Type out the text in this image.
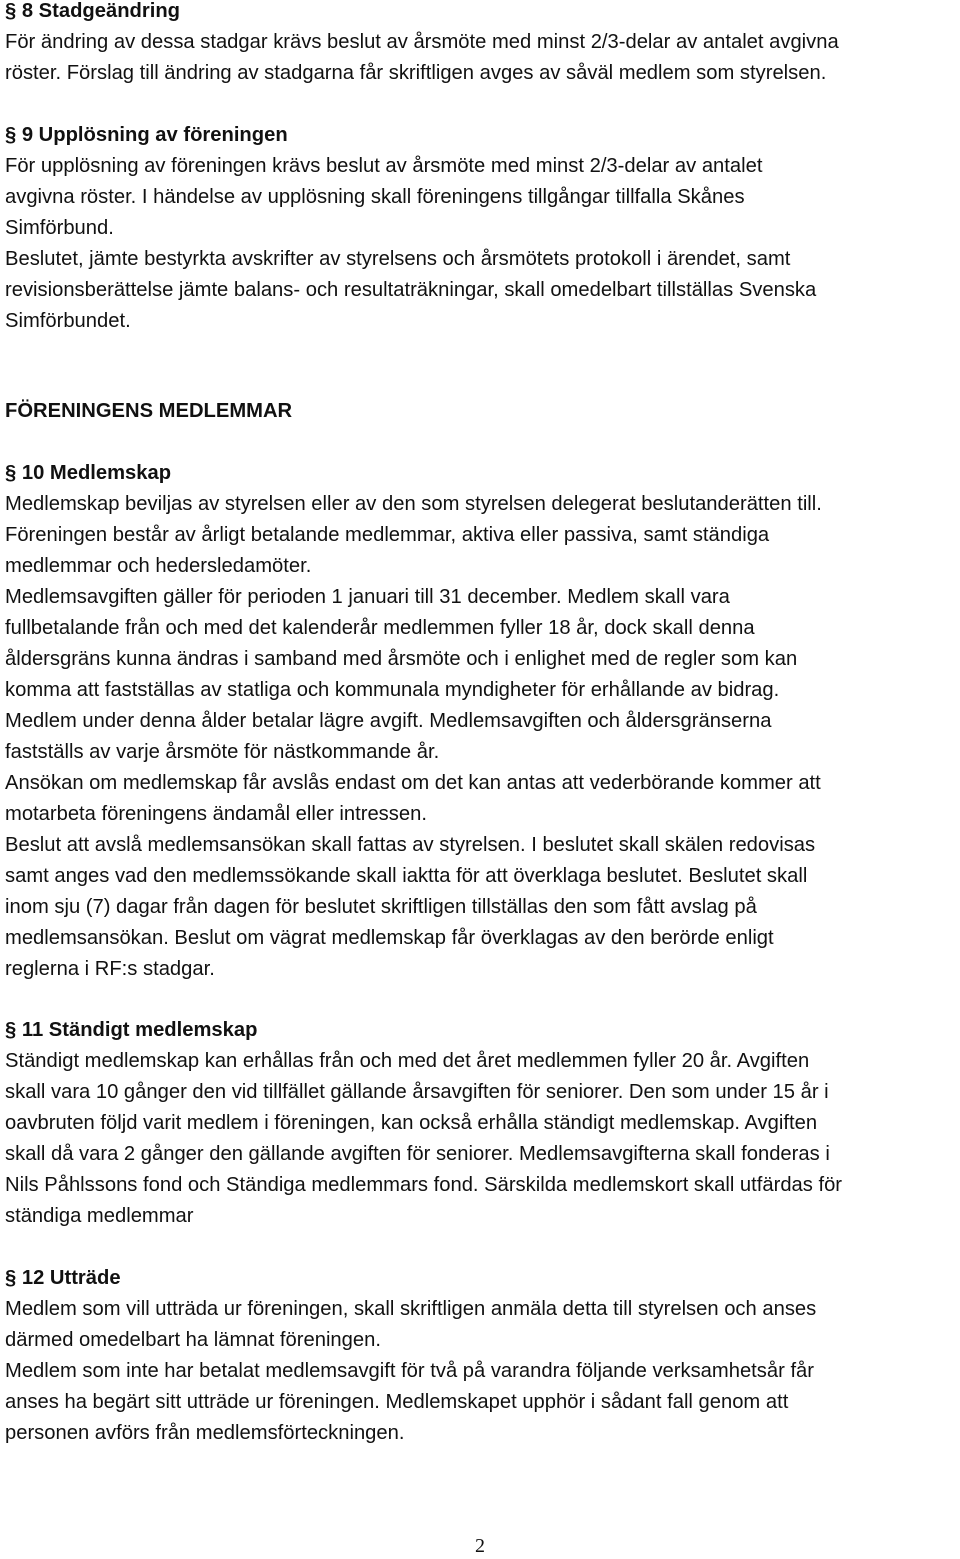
§ 8 Stadgeändring
För ändring av dessa stadgar krävs beslut av årsmöte med minst 2/3-delar av antalet avgivna
röster. Förslag till ändring av stadgarna får skriftligen avges av såväl medlem som styrelsen.
§ 9 Upplösning av föreningen
För upplösning av föreningen krävs beslut av årsmöte med minst 2/3-delar av antalet
avgivna röster. I händelse av upplösning skall föreningens tillgångar tillfalla Skånes
Simförbund.
Beslutet, jämte bestyrkta avskrifter av styrelsens och årsmötets protokoll i ärendet, samt
revisionsberättelse jämte balans- och resultaträkningar, skall omedelbart tillställas Svenska
Simförbundet.
FÖRENINGENS MEDLEMMAR
§ 10 Medlemskap
Medlemskap beviljas av styrelsen eller av den som styrelsen delegerat beslutanderätten till.
Föreningen består av årligt betalande medlemmar, aktiva eller passiva, samt ständiga
medlemmar och hedersledamöter.
Medlemsavgiften gäller för perioden 1 januari till 31 december. Medlem skall vara
fullbetalande från och med det kalenderår medlemmen fyller 18 år, dock skall denna
åldersgräns kunna ändras i samband med årsmöte och i enlighet med de regler som kan
komma att fastställas av statliga och kommunala myndigheter för erhållande av bidrag.
Medlem under denna ålder betalar lägre avgift. Medlemsavgiften och åldersgränserna
fastställs av varje årsmöte för nästkommande år.
Ansökan om medlemskap får avslås endast om det kan antas att vederbörande kommer att
motarbeta föreningens ändamål eller intressen.
Beslut att avslå medlemsansökan skall fattas av styrelsen. I beslutet skall skälen redovisas
samt anges vad den medlemssökande skall iaktta för att överklaga beslutet. Beslutet skall
inom sju (7) dagar från dagen för beslutet skriftligen tillställas den som fått avslag på
medlemsansökan. Beslut om vägrat medlemskap får överklagas av den berörde enligt
reglerna i RF:s stadgar.
§ 11 Ständigt medlemskap
Ständigt medlemskap kan erhållas från och med det året medlemmen fyller 20 år. Avgiften
skall vara 10 gånger den vid tillfället gällande årsavgiften för seniorer. Den som under 15 år i
oavbruten följd varit medlem i föreningen, kan också erhålla ständigt medlemskap. Avgiften
skall då vara 2 gånger den gällande avgiften för seniorer. Medlemsavgifterna skall fonderas i
Nils Påhlssons fond och Ständiga medlemmars fond. Särskilda medlemskort skall utfärdas för
ständiga medlemmar
§ 12 Utträde
Medlem som vill utträda ur föreningen, skall skriftligen anmäla detta till styrelsen och anses
därmed omedelbart ha lämnat föreningen.
Medlem som inte har betalat medlemsavgift för två på varandra följande verksamhetsår får
anses ha begärt sitt utträde ur föreningen. Medlemskapet upphör i sådant fall genom att
personen avförs från medlemsförteckningen.
2
